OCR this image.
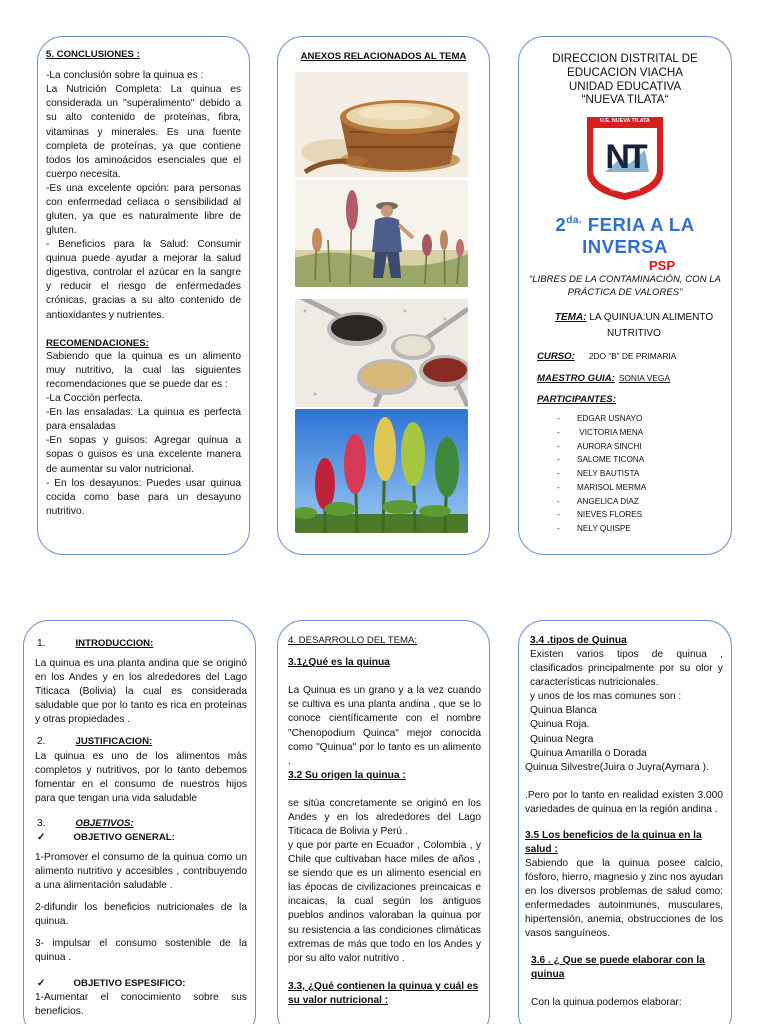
5. CONCLUSIONES :

-La conclusión sobre la quinua es :

La Nutrición Completa: La quinua es considerada un "superalimento" debido a su alto contenido de proteínas, fibra, vitaminas y minerales. Es una fuente completa de proteínas, ya que contiene todos los aminoácidos esenciales que el cuerpo necesita.

-Es una excelente opción: para personas con enfermedad celíaca o sensibilidad al gluten, ya que es naturalmente libre de gluten.

- Beneficios para la Salud: Consumir quinua puede ayudar a mejorar la salud digestiva, controlar el azúcar en la sangre y reducir el riesgo de enfermedades crónicas, gracias a su alto contenido de antioxidantes y nutrientes.

RECOMENDACIONES:

Sabiendo que la quinua es un alimento muy nutritivo, la cual las siguientes recomendaciones que se puede dar es :

-La Cocción perfecta.

-En las ensaladas: La quinua es perfecta para ensaladas

-En sopas y guisos: Agregar quinua a sopas o guisos es una excelente manera de aumentar su valor nutricional.

- En los desayunos: Puedes usar quinua cocida como base para un desayuno nutritivo.

ANEXOS RELACIONADOS AL TEMA	DIRECCION DISTRITAL DE
EDUCACION VIACHA
UNIDAD EDUCATIVA
“NUEVA TILATA“
U.E. NUEVA TILATA
NT
TILATA - BOLIVIA
$2^{da.}$ FERIA A LA INVERSA
PSP
“LIBRES DE LA CONTAMINACIÓN, CON LA PRÁCTICA DE VALORES”
TEMA: LA QUINUA:UN ALIMENTO NUTRITIVO
CURSO: 2DO “B” DE PRIMARIA
MAESTRO GUIA: SONIA VEGA
PARTICIPANTES:
- EDGAR USNAYO
- VICTORIA MENA
- AURORA SINCHI
- SALOME TICONA
- NELY BAUTISTA
- MARISOL MERMA
- ANGELICA DIAZ
- NIEVES FLORES
- NELY QUISPE

1.	INTRODUCCION:

La quinua es una planta andina que se originó en los Andes y en los alrededores del Lago Titicaca (Bolivia) la cual es considerada saludable que por lo tanto es rica en proteínas y otras propiedades .

2.	JUSTIFICACION:

La quinua es uno de los alimentos más completos y nutritivos, por lo tanto debemos fomentar en el consumo de nuestros hijos para que tengan una vida saludable

3.	OBJETIVOS:

✓	OBJETIVO GENERAL:

1-Promover el consumo de la quinua como un alimento nutritivo y accesibles , contribuyendo a una alimentación saludable .

2-difundir los beneficios nutricionales de la quinua.

3- impulsar el consumo sostenible de la quinua .

✓	OBJETIVO ESPESIFICO:

1-Aumentar el conocimiento sobre sus beneficios.

4. DESARROLLO DEL TEMA:

3.1¿Qué es la quinua

La Quinua es un grano y a la vez cuando se cultiva es una planta andina , que se lo conoce científicamente con el nombre "Chenopodium Quinca" mejor conocida como "Quinua" por lo tanto es un alimento .

3.2 Su origen la quinua :

se sitúa concretamente se originó en los Andes y en los alrededores del Lago Titicaca de Bolivia y Perú .

y que por parte en Ecuador , Colombia , y Chile que cultivaban hace miles de años , se siendo que es un alimento esencial en las épocas de civilizaciones preincaicas e incaicas, la cual según los antiguos pueblos andinos valoraban la quinua por su resistencia a las condiciones climáticas extremas de más que todo en los Andes y por su alto valor nutritivo .

3.3, ¿Qué contienen la quinua y cuál es su valor nutricional :

3.4 .tipos de Quinua

Existen varios tipos de quinua , clasificados principalmente por su olor y características nutricionales.

y unos de los mas comunes son :

Quinua Blanca

Quinua Roja.

Quinua Negra

Quinua Amarilla o Dorada

Quinua Silvestre(Juira o Juyra(Aymara ).

.Pero por lo tanto en realidad existen 3.000 variedades de quinua en la región andina .

3.5 Los beneficios de la quinua en la salud :

Sabiendo que la quinua posee calcio, fósforo, hierro, magnesio y zinc nos ayudan en los diversos problemas de salud como: enfermedades autoinmunes, musculares, hipertensión, anemia, obstrucciones de los vasos sanguíneos.

3.6 . ¿ Que se puede elaborar con la quinua

Con la quinua podemos elaborar:
